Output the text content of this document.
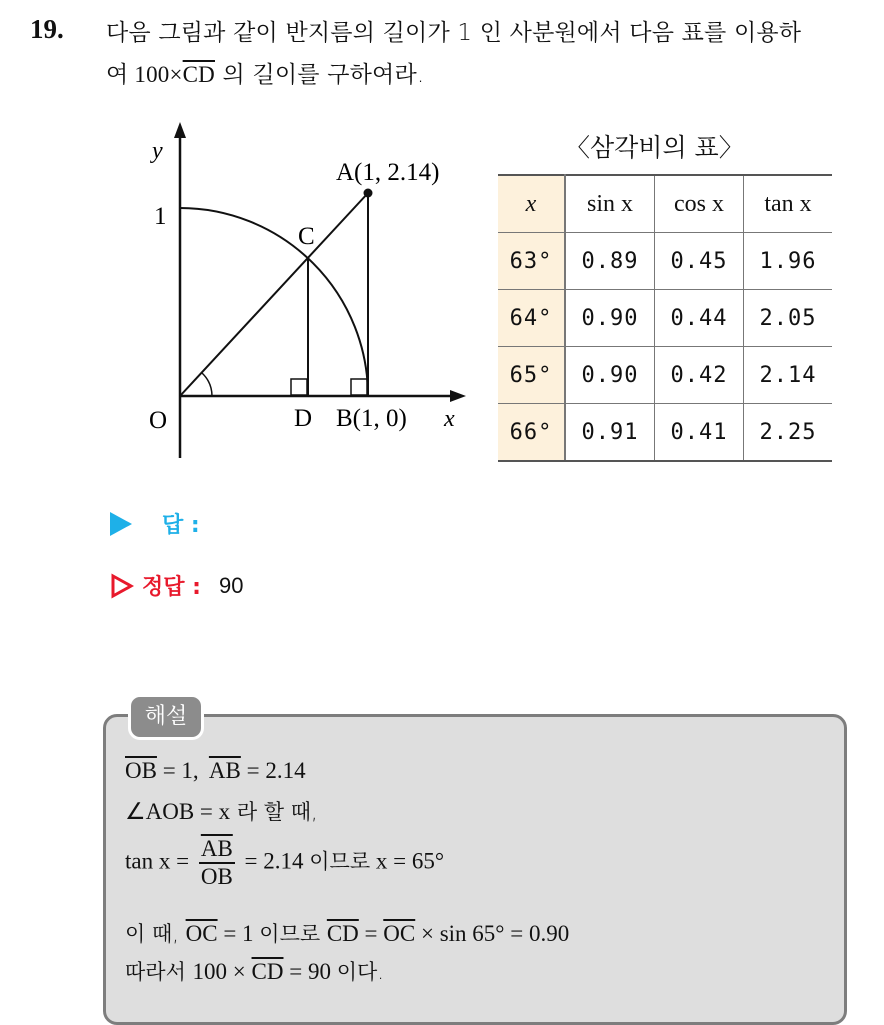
19. 다음 그림과 같이 반지름의 길이가 1 인 사분원에서 다음 표를 이용하
여 $100\times\overline{CD}$ 의 길이를 구하여라.
y
x
1
O	D B(1, 0)
C
A(1, 2.14)
〈삼각비의 표〉
x	sin x	cos x	tan x
63°	0.89	0.45	1.96
64°	0.90	0.44	2.05
65°	0.90	0.42	2.14
66°	0.91	0.41	2.25
답 :
정답 : 90
해설
$\overline{OB} = 1$,  $\overline{AB} = 2.14$
∠AOB = x 라 할 때,
$\tan x = \frac{\overline{AB}}{OB} = 2.14$ 이므로 x = 65°
이 때, $\overline{OC} = 1$ 이므로 $\overline{CD} = \overline{OC} \times \sin 65^\circ = 0.90$
따라서 $100 \times \overline{CD} = 90$ 이다.
